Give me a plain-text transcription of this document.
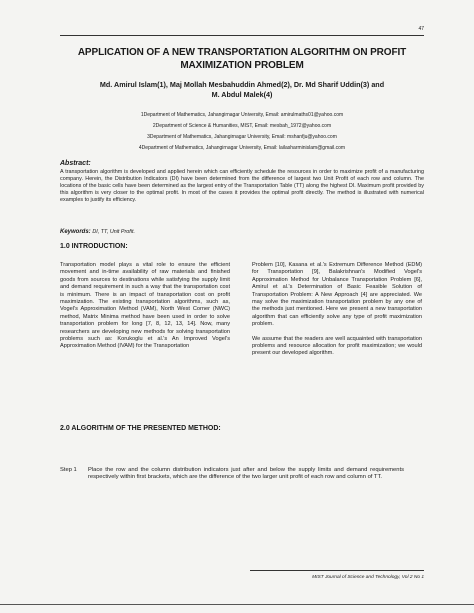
47
APPLICATION OF A NEW TRANSPORTATION ALGORITHM ON PROFIT
MAXIMIZATION PROBLEM
Md. Amirul Islam(1), Maj Mollah Mesbahuddin Ahmed(2), Dr. Md Sharif Uddin(3) and
M. Abdul Malek(4)
1Department of Mathematics, Jahangirnagar University, Email: amirulmaths01@yahoo.com
2Department of Science & Humanities, MIST, Email: mesbah_1972@yahoo.com
3Department of Mathematics, Jahangirnagar University, Email: mshanfju@yahoo.com
4Department of Mathematics, Jahangirnagar University, Email: lailasharminislam@gmail.com
Abstract:
A transportation algorithm is developed and applied herein which can efficiently schedule the resources in order to maximize profit of a manufacturing company. Herein, the Distribution Indicators (DI) have been determined from the difference of largest two Unit Profit of each row and column. The locations of the basic cells have been determined as the largest entry of the Transportation Table (TT) along the highest DI. Maximum profit provided by this algorithm is very closer to the optimal profit. In most of the cases it provides the optimal profit directly. The method is illustrated with numerical examples to justify its efficiency.
Keywords: DI, TT, Unit Profit.
1.0 INTRODUCTION:

Transportation model plays a vital role to ensure the efficient movement and in-time availability of raw materials and finished goods from sources to destinations while satisfying the supply limit and demand requirement in such a way that the transportation cost is minimum. There is an impact of transportation cost on profit maximization. The existing transportation algorithms, such as, Vogel's Approximation Method (VAM), North West Corner (NWC) method, Matrix Minima method have been used in order to solve transportation problem for long [7, 8, 12, 13, 14]. Now, many researchers are developing new methods for solving transportation problems such as: Korukoglu et al.'s An Improved Vogel's Approximation Method (IVAM) for the Transportation

Problem [10], Kasana et al.'s Extremum Difference Method (EDM) for Transportation [9], Balakrishnan's Modified Vogel's Approximation Method for Unbalance Transportation Problem [6], Amirul et al.'s Determination of Basic Feasible Solution of Transportation Problem: A New Approach [4] are appreciated. We may solve the maximization transportation problem by any one of the methods just mentioned. Here we present a new transportation algorithm that can efficiently solve any type of profit maximization problem.

We assume that the readers are well acquainted with transportation problems and resource allocation for profit maximization; we would present our developed algorithm.

2.0 ALGORITHM OF THE PRESENTED METHOD:
Step 1 Place the row and the column distribution indicators just after and below the supply limits and demand requirements respectively within first brackets, which are the difference of the two larger unit profit of each row and column of TT.
MIST Journal of Science and Technology, Vol 2 No 1
